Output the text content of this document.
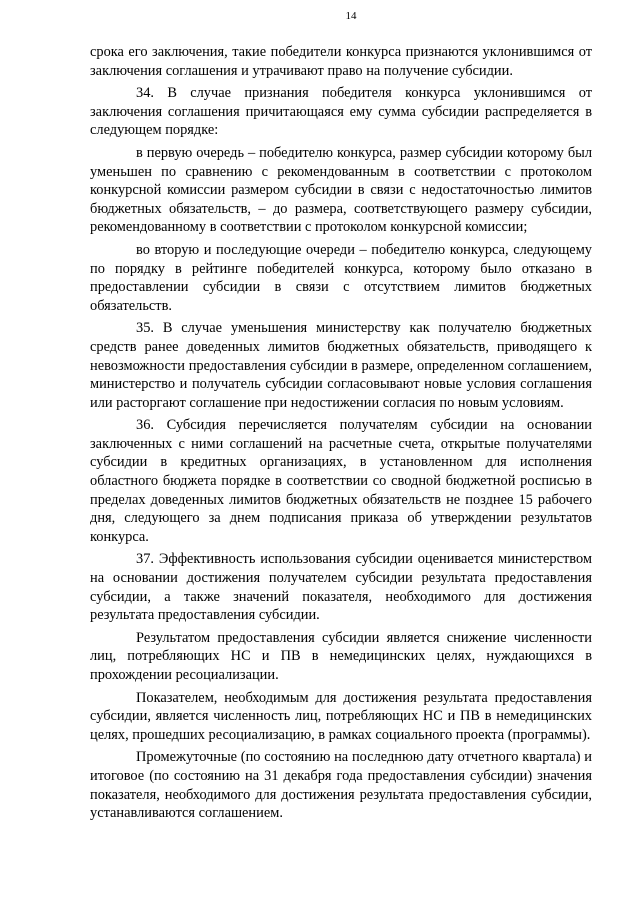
14

срока его заключения, такие победители конкурса признаются уклонившимся от заключения соглашения и утрачивают право на получение субсидии.

34. В случае признания победителя конкурса уклонившимся от заключения соглашения причитающаяся ему сумма субсидии распределяется в следующем порядке:

в первую очередь – победителю конкурса, размер субсидии которому был уменьшен по сравнению с рекомендованным в соответствии с протоколом конкурсной комиссии размером субсидии в связи с недостаточностью лимитов бюджетных обязательств, – до размера, соответствующего размеру субсидии, рекомендованному в соответствии с протоколом конкурсной комиссии;

во вторую и последующие очереди – победителю конкурса, следующему по порядку в рейтинге победителей конкурса, которому было отказано в предоставлении субсидии в связи с отсутствием лимитов бюджетных обязательств.

35. В случае уменьшения министерству как получателю бюджетных средств ранее доведенных лимитов бюджетных обязательств, приводящего к невозможности предоставления субсидии в размере, определенном соглашением, министерство и получатель субсидии согласовывают новые условия соглашения или расторгают соглашение при недостижении согласия по новым условиям.

36. Субсидия перечисляется получателям субсидии на основании заключенных с ними соглашений на расчетные счета, открытые получателями субсидии в кредитных организациях, в установленном для исполнения областного бюджета порядке в соответствии со сводной бюджетной росписью в пределах доведенных лимитов бюджетных обязательств не позднее 15 рабочего дня, следующего за днем подписания приказа об утверждении результатов конкурса.

37. Эффективность использования субсидии оценивается министерством на основании достижения получателем субсидии результата предоставления субсидии, а также значений показателя, необходимого для достижения результата предоставления субсидии.

Результатом предоставления субсидии является снижение численности лиц, потребляющих НС и ПВ в немедицинских целях, нуждающихся в прохождении ресоциализации.

Показателем, необходимым для достижения результата предоставления субсидии, является численность лиц, потребляющих НС и ПВ в немедицинских целях, прошедших ресоциализацию, в рамках социального проекта (программы).

Промежуточные (по состоянию на последнюю дату отчетного квартала) и итоговое (по состоянию на 31 декабря года предоставления субсидии) значения показателя, необходимого для достижения результата предоставления субсидии, устанавливаются соглашением.
